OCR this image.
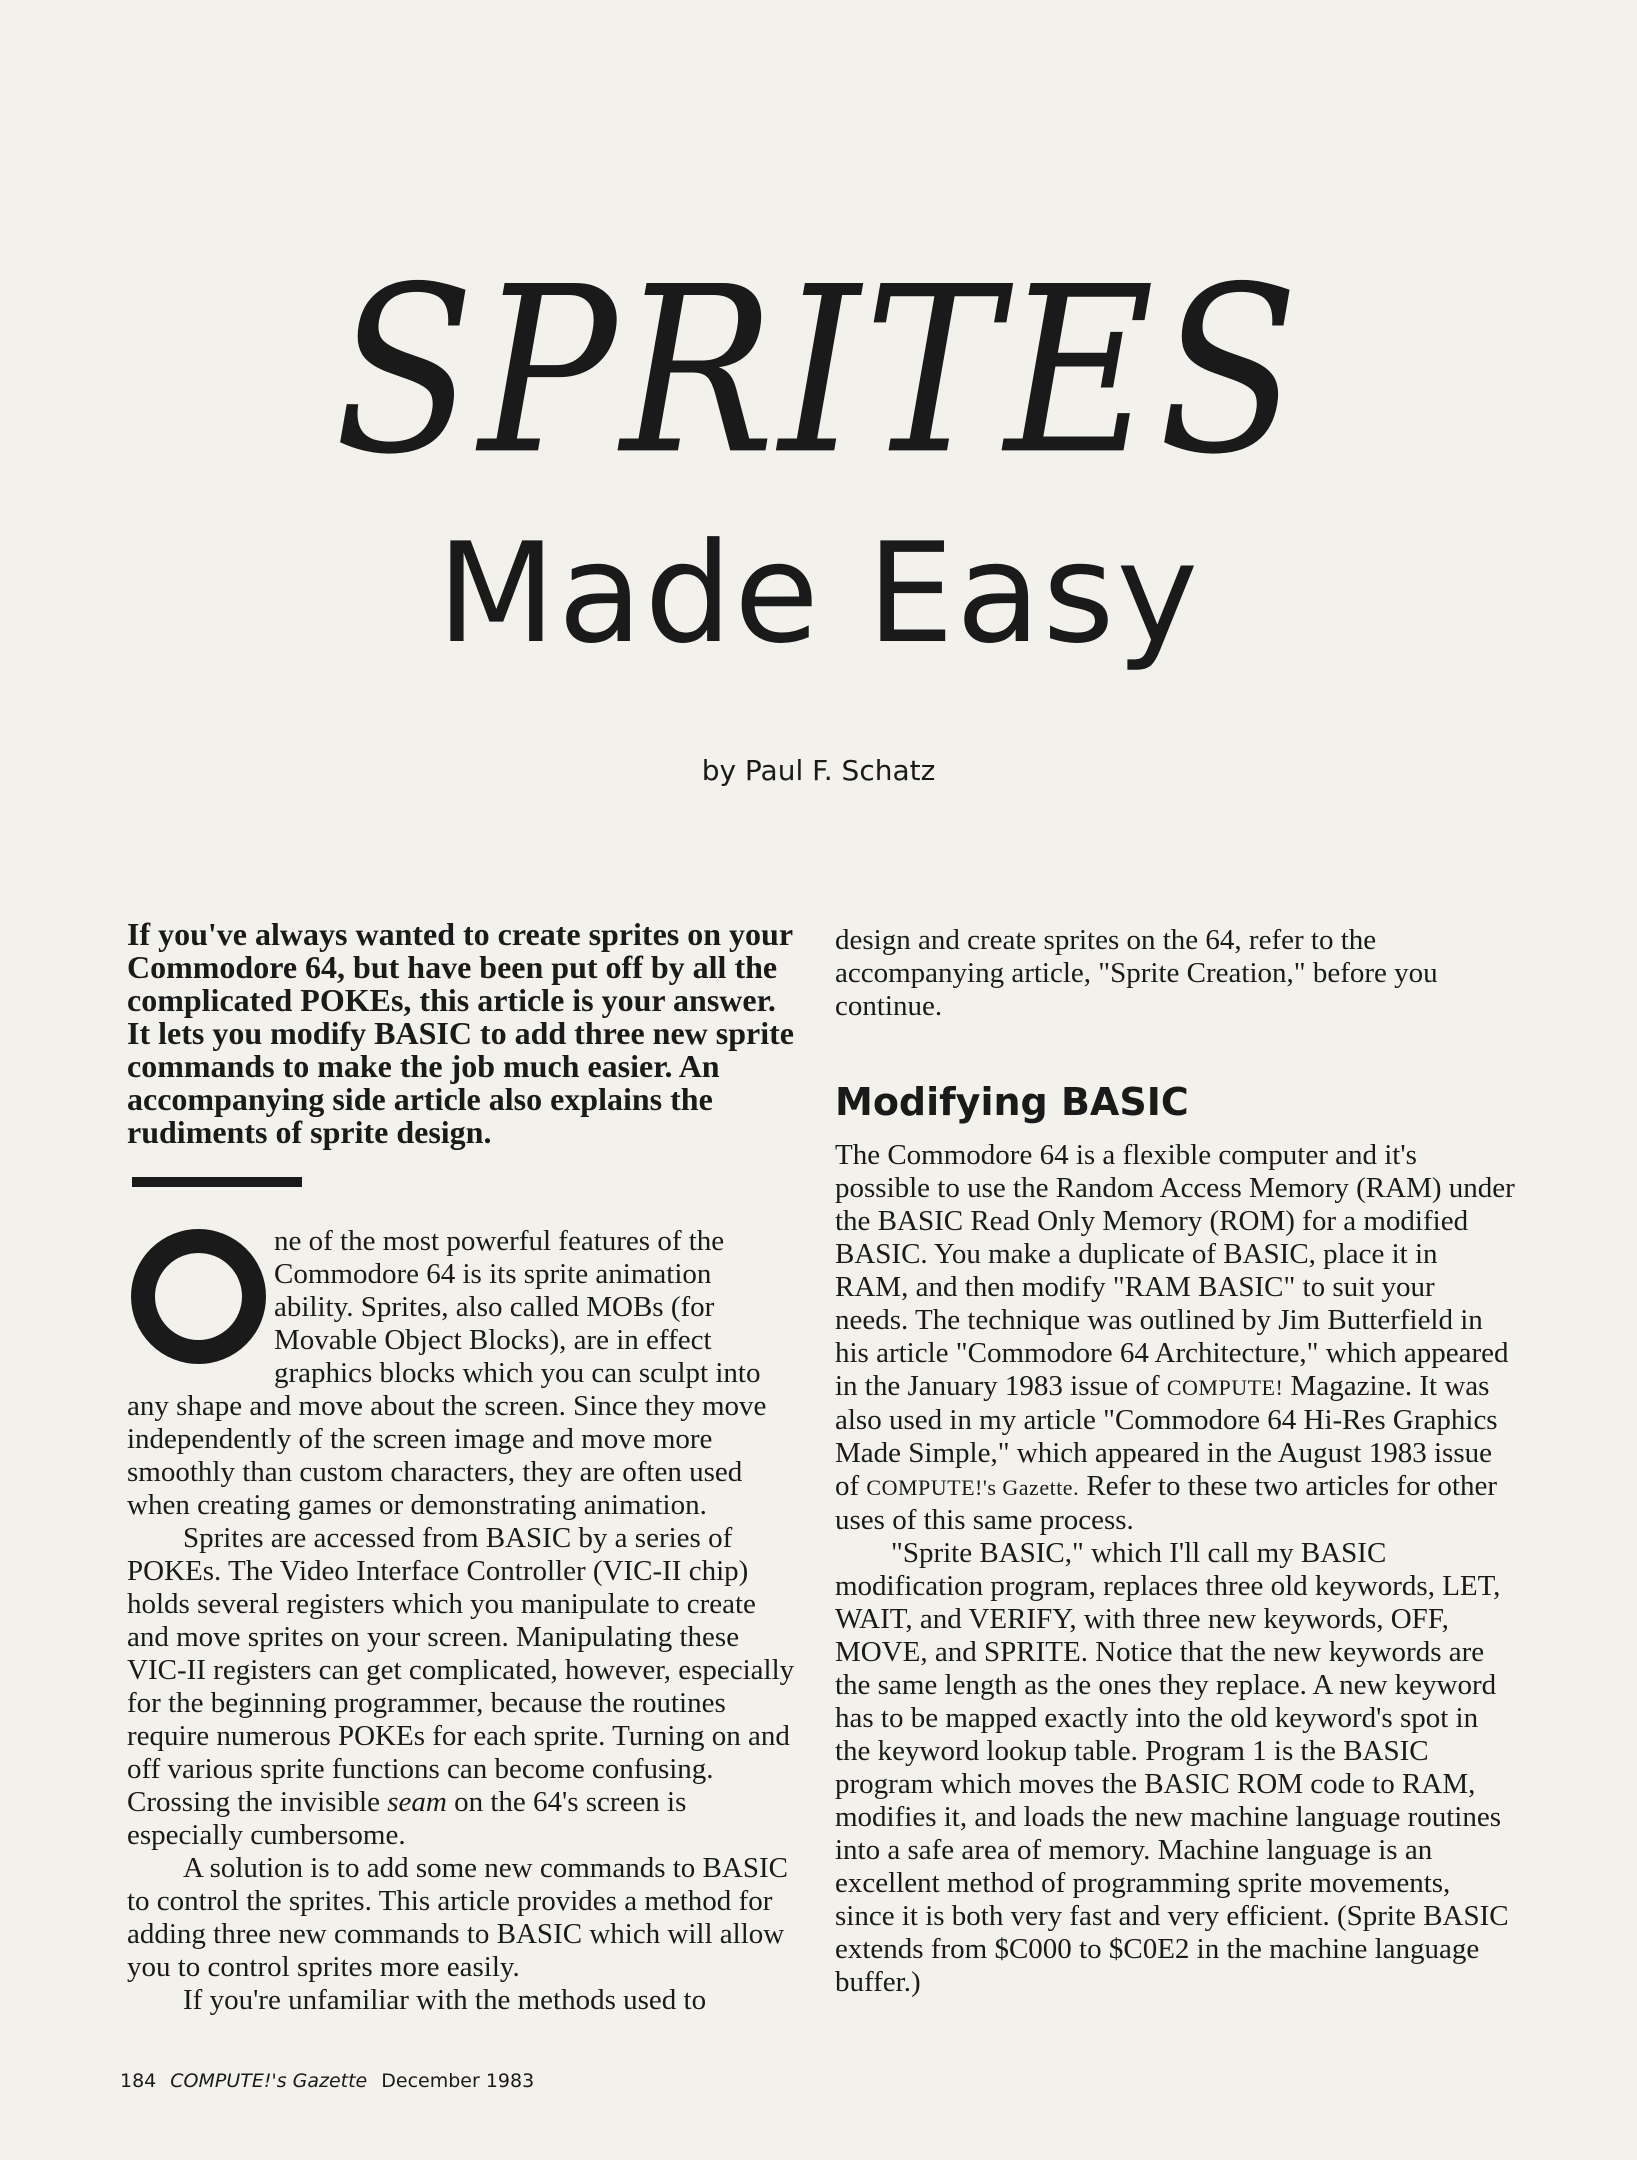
SPRITES
Made Easy
by Paul F. Schatz

If you've always wanted to create sprites on your Commodore 64, but have been put off by all the complicated POKEs, this article is your answer. It lets you modify BASIC to add three new sprite commands to make the job much easier. An accompanying side article also explains the rudiments of sprite design.

ne of the most powerful features of the Commodore 64 is its sprite animation ability. Sprites, also called MOBs (for Movable Object Blocks), are in effect graphics blocks which you can sculpt into any shape and move about the screen. Since they move independently of the screen image and move more smoothly than custom characters, they are often used when creating games or demonstrating animation.

Sprites are accessed from BASIC by a series of POKEs. The Video Interface Controller (VIC-II chip) holds several registers which you manipulate to create and move sprites on your screen. Manipulating these VIC-II registers can get complicated, however, especially for the beginning programmer, because the routines require numerous POKEs for each sprite. Turning on and off various sprite functions can become confusing. Crossing the invisible seam on the 64's screen is especially cumbersome.

A solution is to add some new commands to BASIC to control the sprites. This article provides a method for adding three new commands to BASIC which will allow you to control sprites more easily.

If you're unfamiliar with the methods used to

design and create sprites on the 64, refer to the accompanying article, "Sprite Creation," before you continue.

Modifying BASIC

The Commodore 64 is a flexible computer and it's possible to use the Random Access Memory (RAM) under the BASIC Read Only Memory (ROM) for a modified BASIC. You make a duplicate of BASIC, place it in RAM, and then modify "RAM BASIC" to suit your needs. The technique was outlined by Jim Butterfield in his article "Commodore 64 Architecture," which appeared in the January 1983 issue of COMPUTE! Magazine. It was also used in my article "Commodore 64 Hi-Res Graphics Made Simple," which appeared in the August 1983 issue of COMPUTE!'s Gazette. Refer to these two articles for other uses of this same process.

"Sprite BASIC," which I'll call my BASIC modification program, replaces three old keywords, LET, WAIT, and VERIFY, with three new keywords, OFF, MOVE, and SPRITE. Notice that the new keywords are the same length as the ones they replace. A new keyword has to be mapped exactly into the old keyword's spot in the keyword lookup table. Program 1 is the BASIC program which moves the BASIC ROM code to RAM, modifies it, and loads the new machine language routines into a safe area of memory. Machine language is an excellent method of programming sprite movements, since it is both very fast and very efficient. (Sprite BASIC extends from $C000 to $C0E2 in the machine language buffer.)

184 COMPUTE!'s Gazette December 1983
